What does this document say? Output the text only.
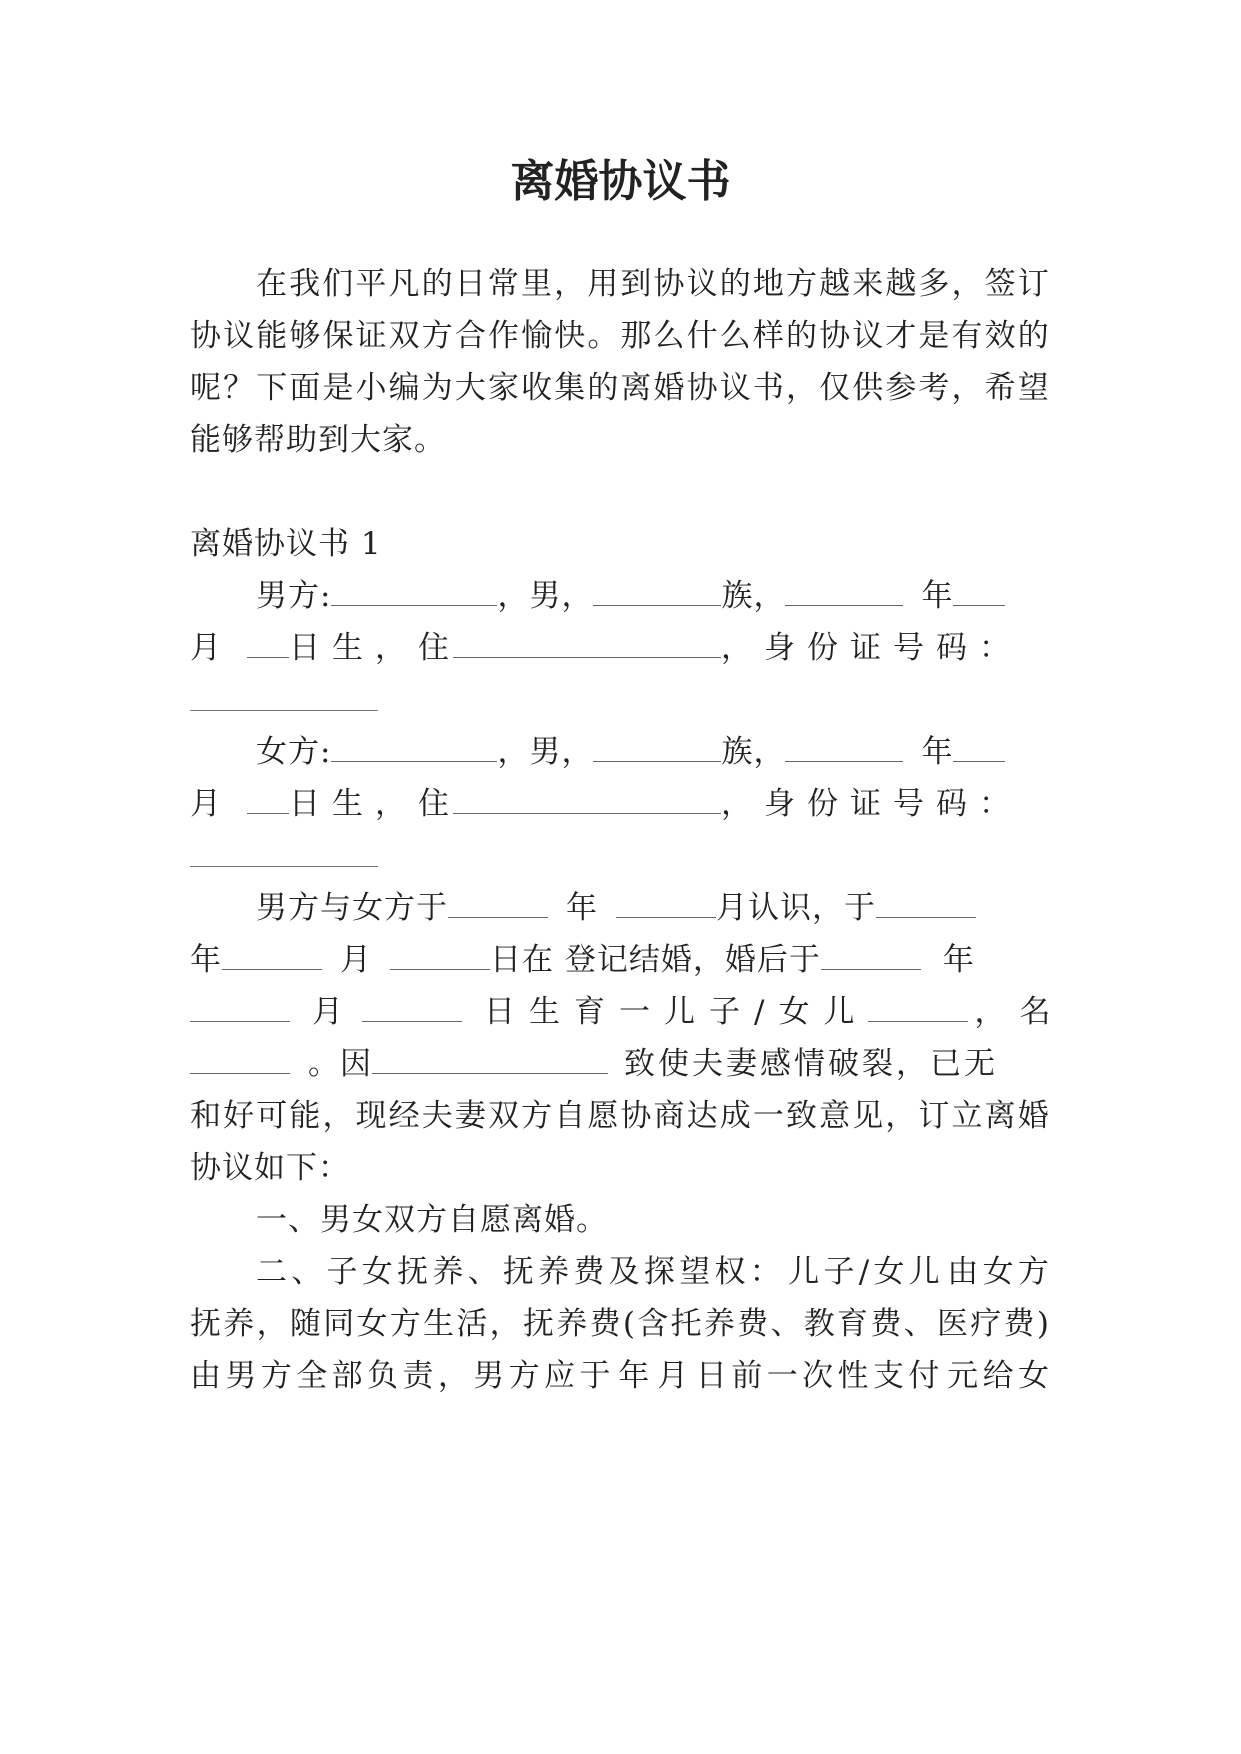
离婚协议书
在 我 们 平 凡 的 日 常 里 ， 用 到 协 议 的 地 方 越 来 越 多 ， 签 订
协 议 能 够 保 证 双 方 合 作 愉 快 。 那 么 什 么 样 的 协 议 才 是 有 效 的
呢 ？ 下 面 是 小 编 为 大 家 收 集 的 离 婚 协 议 书 ， 仅 供 参 考 ， 希 望
能够帮助到大家。
离婚协议书 1
男方:	，男，	族，	年
月 日生，住	，身份证号码：
女方:	，男，	族，	年
月 日生，住	，身份证号码：
男方与女方于	年	月认识，于
年	月	日在 登记结婚，婚后于	年
月	日生育一儿子/女儿	，名
。因	致使夫妻感情破裂，已无
和 好 可 能 ， 现 经 夫 妻 双 方 自 愿 协 商 达 成 一 致 意 见 ， 订 立 离 婚
协议如下：
一、男女双方自愿离婚。
二 、 子 女 抚 养 、 抚 养 费 及 探 望 权 ： 儿 子 / 女 儿 由 女 方
抚 养 ， 随 同 女 方 生 活 ， 抚 养 费 ( 含 托 养 费 、 教 育 费 、 医 疗 费 )
由 男 方 全 部 负 责 ， 男 方 应 于 年 月 日 前 一 次 性 支 付 元 给 女
